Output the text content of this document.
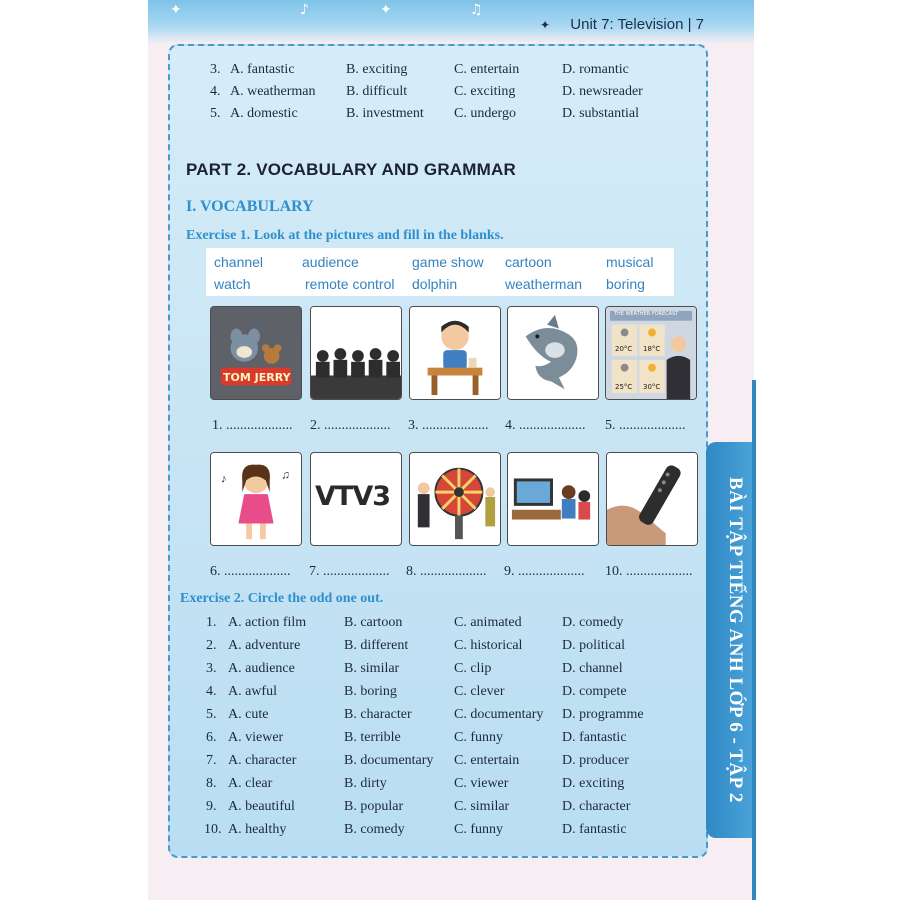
✦	♪	✦	♫
✦ Unit 7: Television | 7
3. A. fantastic	B. exciting	C. entertain	D. romantic
4. A. weatherman B. difficult	C. exciting	D. newsreader
5. A. domestic	B. investment C. undergo	D. substantial
PART 2. VOCABULARY AND GRAMMAR
I. VOCABULARY
Exercise 1. Look at the pictures and fill in the blanks.
channel	audience	game show cartoon	musical
watch	remote control dolphin	weatherman boring
TOM JERRY
THE WEATHER FORECAST
20°C 18°C
25°C 30°C
1. ................... 2. ................... 3. ................... 4. ................... 5. ...................
♪	♫
VTV3
6. ................... 7. ................... 8. ................... 9. ................... 10. ...................
Exercise 2. Circle the odd one out.
1. A. action film	B. cartoon	C. animated	D. comedy
2. A. adventure	B. different	C. historical	D. political
3. A. audience	B. similar	C. clip	D. channel
4. A. awful	B. boring	C. clever	D. compete
5. A. cute	B. character	C. documentary D. programme
6. A. viewer	B. terrible	C. funny	D. fantastic
7. A. character	B. documentary C. entertain	D. producer
8. A. clear	B. dirty	C. viewer	D. exciting
9. A. beautiful	B. popular	C. similar	D. character
10. A. healthy	B. comedy	C. funny	D. fantastic
BÀI TẬP TIẾNG ANH LỚP 6 - TẬP 2
